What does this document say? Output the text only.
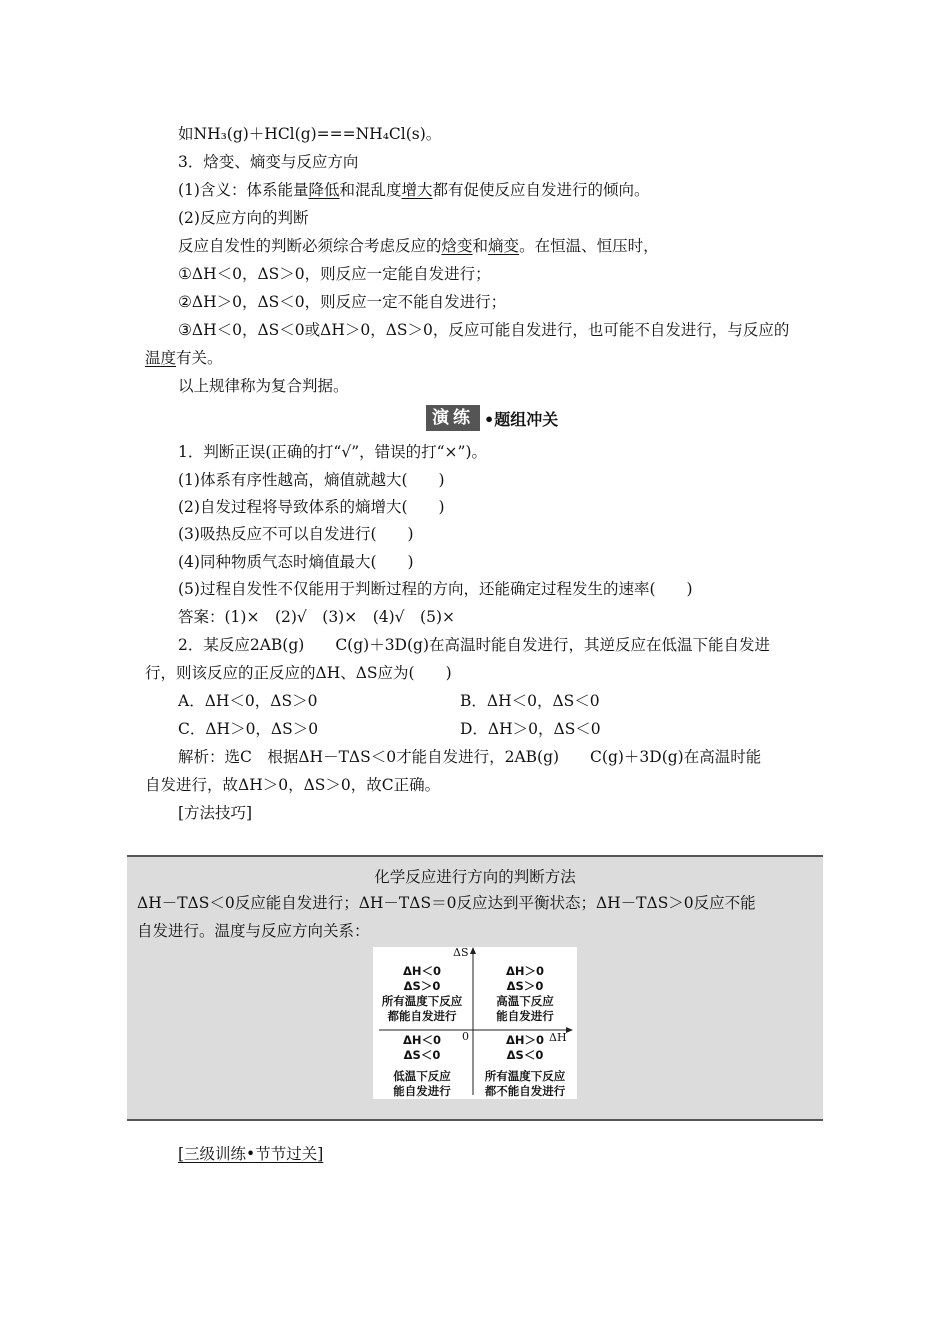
如NH₃(g)＋HCl(g)===NH₄Cl(s)。
3．焓变、熵变与反应方向
(1)含义：体系能量降低和混乱度增大都有促使反应自发进行的倾向。
(2)反应方向的判断
反应自发性的判断必须综合考虑反应的焓变和熵变。在恒温、恒压时，
①ΔH＜0，ΔS＞0，则反应一定能自发进行；
②ΔH＞0，ΔS＜0，则反应一定不能自发进行；
③ΔH＜0，ΔS＜0或ΔH＞0，ΔS＞0，反应可能自发进行，也可能不自发进行，与反应的
温度有关。
以上规律称为复合判据。
演练 •题组冲关
1．判断正误(正确的打“√”，错误的打“×”)。
(1)体系有序性越高，熵值就越大(　　)
(2)自发过程将导致体系的熵增大(　　)
(3)吸热反应不可以自发进行(　　)
(4)同种物质气态时熵值最大(　　)
(5)过程自发性不仅能用于判断过程的方向，还能确定过程发生的速率(　　)
答案：(1)×　(2)√　(3)×　(4)√　(5)×
2．某反应2AB(g)　　C(g)＋3D(g)在高温时能自发进行，其逆反应在低温下能自发进
行，则该反应的正反应的ΔH、ΔS应为(　　)
A．ΔH＜0，ΔS＞0	B．ΔH＜0，ΔS＜0
C．ΔH＞0，ΔS＞0	D．ΔH＞0，ΔS＜0
解析：选C　根据ΔH－TΔS＜0才能自发进行，2AB(g)　　C(g)＋3D(g)在高温时能
自发进行，故ΔH＞0，ΔS＞0，故C正确。
[方法技巧]
化学反应进行方向的判断方法
ΔH－TΔS＜0反应能自发进行；ΔH－TΔS＝0反应达到平衡状态；ΔH－TΔS＞0反应不能
自发进行。温度与反应方向关系：
ΔS
ΔH
0
ΔH＜0
ΔS＞0
所有温度下反应
都能自发进行
ΔH＞0
ΔS＞0
高温下反应
能自发进行
ΔH＜0
ΔS＜0
低温下反应
能自发进行
ΔH＞0
ΔS＜0
所有温度下反应
都不能自发进行
[三级训练•节节过关]
